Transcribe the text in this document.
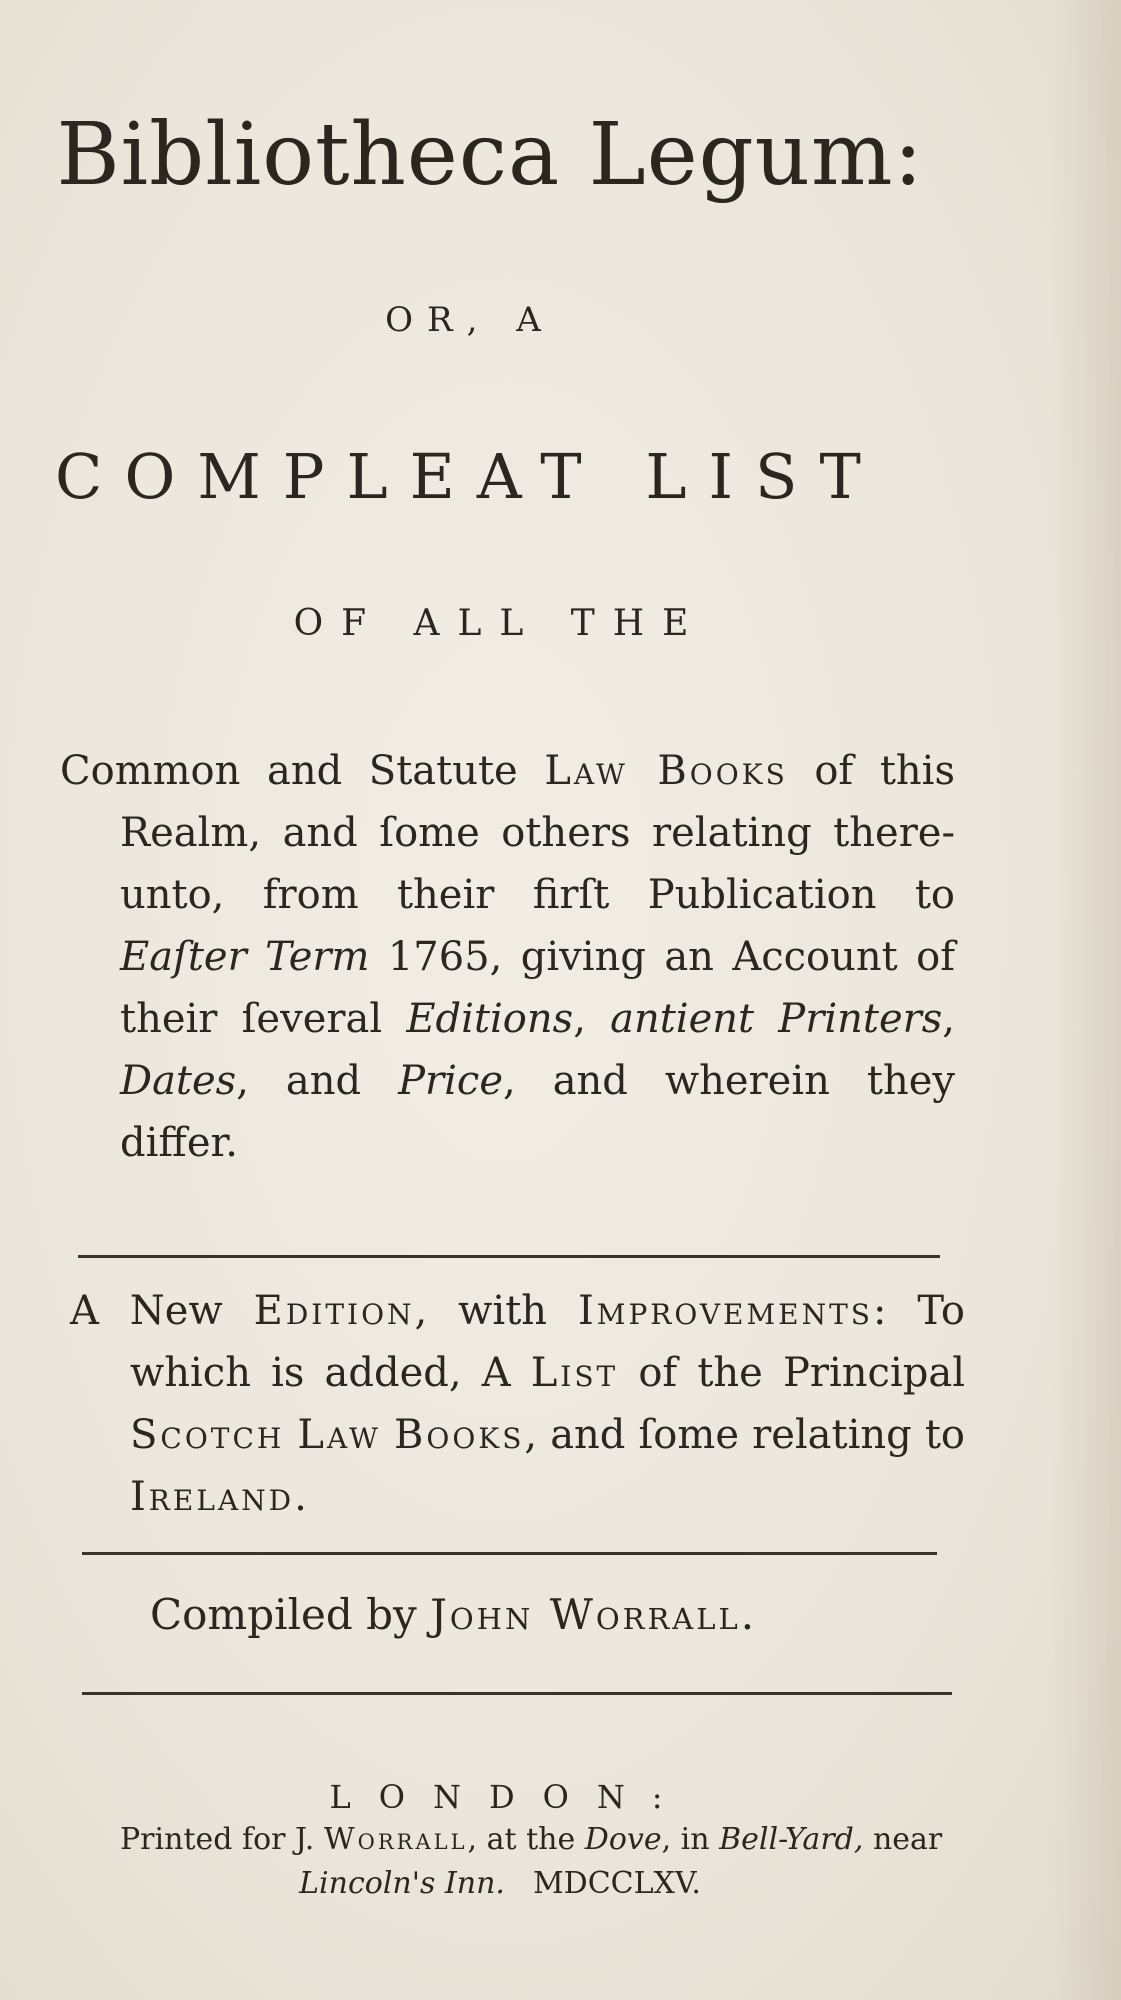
Bibliotheca Legum:
OR, A
COMPLEAT LIST
OF ALL THE
Common and Statute Law Books of this Realm, and ſome others relating there-unto, from their firſt Publication to Eaſter Term 1765, giving an Account of their ſeveral Editions, antient Printers, Dates, and Price, and wherein they differ.
A New Edition, with Improvements: To which is added, A List of the Principal Scotch Law Books, and ſome relating to Ireland.
Compiled by John Worrall.
LONDON:
Printed for J. Worrall, at the Dove, in Bell-Yard, near
Lincoln's Inn. MDCCLXV.
